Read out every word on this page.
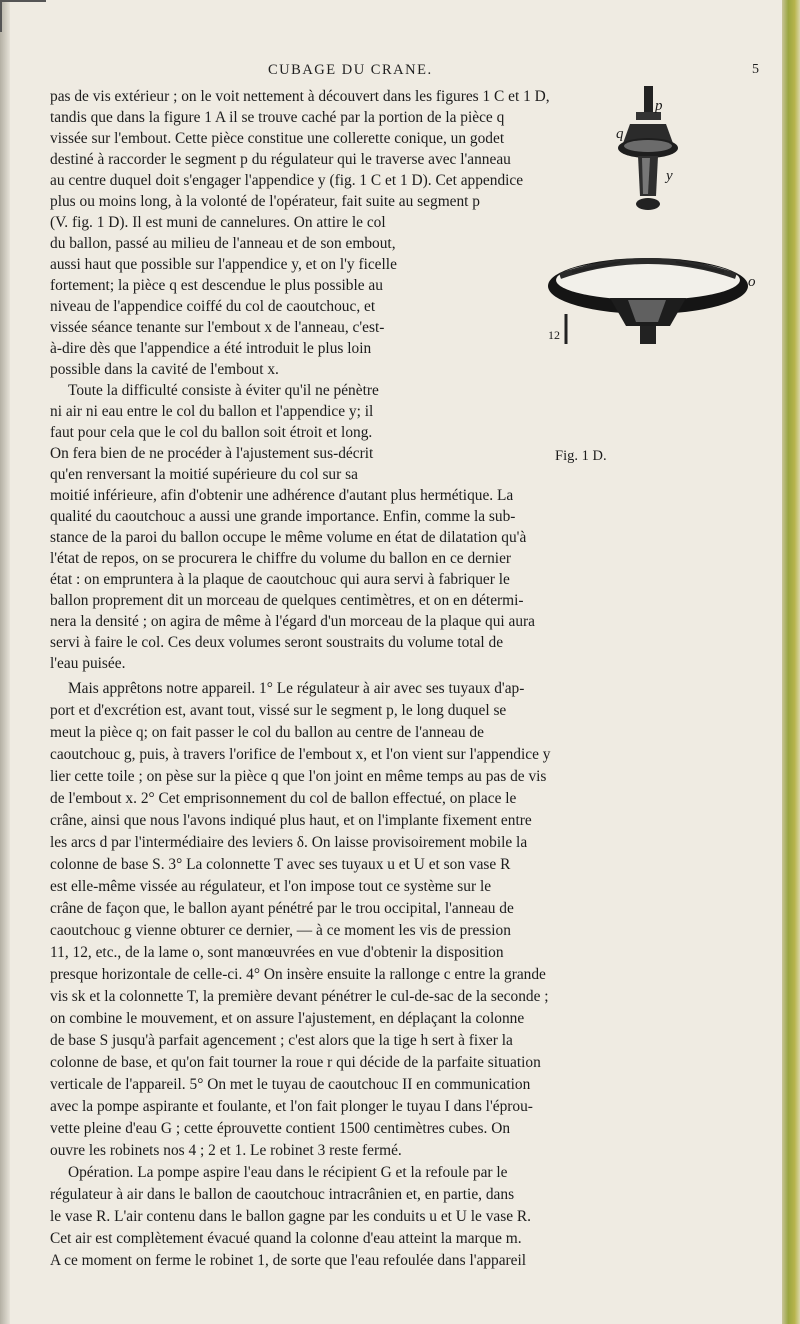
CUBAGE DU CRANE.	5
pas de vis extérieur ; on le voit nettement à découvert dans les figures 1 C et 1 D,
tandis que dans la figure 1 A il se trouve caché par la portion de la pièce q
vissée sur l'embout. Cette pièce constitue une collerette conique, un godet
destiné à raccorder le segment p du régulateur qui le traverse avec l'anneau
au centre duquel doit s'engager l'appendice y (fig. 1 C et 1 D). Cet appendice
plus ou moins long, à la volonté de l'opérateur, fait suite au segment p
(V. fig. 1 D). Il est muni de cannelures. On attire le col
du ballon, passé au milieu de l'anneau et de son embout,
aussi haut que possible sur l'appendice y, et on l'y ficelle
fortement; la pièce q est descendue le plus possible au
niveau de l'appendice coiffé du col de caoutchouc, et
vissée séance tenante sur l'embout x de l'anneau, c'est-
à-dire dès que l'appendice a été introduit le plus loin
possible dans la cavité de l'embout x.
Toute la difficulté consiste à éviter qu'il ne pénètre
ni air ni eau entre le col du ballon et l'appendice y; il
faut pour cela que le col du ballon soit étroit et long.
On fera bien de ne procéder à l'ajustement sus-décrit
qu'en renversant la moitié supérieure du col sur sa
moitié inférieure, afin d'obtenir une adhérence d'autant plus hermétique. La
qualité du caoutchouc a aussi une grande importance. Enfin, comme la sub-
stance de la paroi du ballon occupe le même volume en état de dilatation qu'à
l'état de repos, on se procurera le chiffre du volume du ballon en ce dernier
état : on empruntera à la plaque de caoutchouc qui aura servi à fabriquer le
ballon proprement dit un morceau de quelques centimètres, et on en détermi-
nera la densité ; on agira de même à l'égard d'un morceau de la plaque qui aura
servi à faire le col. Ces deux volumes seront soustraits du volume total de
l'eau puisée.
Mais apprêtons notre appareil. 1° Le régulateur à air avec ses tuyaux d'ap-
port et d'excrétion est, avant tout, vissé sur le segment p, le long duquel se
meut la pièce q; on fait passer le col du ballon au centre de l'anneau de
caoutchouc g, puis, à travers l'orifice de l'embout x, et l'on vient sur l'appendice y
lier cette toile ; on pèse sur la pièce q que l'on joint en même temps au pas de vis
de l'embout x. 2° Cet emprisonnement du col de ballon effectué, on place le
crâne, ainsi que nous l'avons indiqué plus haut, et on l'implante fixement entre
les arcs d par l'intermédiaire des leviers δ. On laisse provisoirement mobile la
colonne de base S. 3° La colonnette T avec ses tuyaux u et U et son vase R
est elle-même vissée au régulateur, et l'on impose tout ce système sur le
crâne de façon que, le ballon ayant pénétré par le trou occipital, l'anneau de
caoutchouc g vienne obturer ce dernier, — à ce moment les vis de pression
11, 12, etc., de la lame o, sont manœuvrées en vue d'obtenir la disposition
presque horizontale de celle-ci. 4° On insère ensuite la rallonge c entre la grande
vis sk et la colonnette T, la première devant pénétrer le cul-de-sac de la seconde ;
on combine le mouvement, et on assure l'ajustement, en déplaçant la colonne
de base S jusqu'à parfait agencement ; c'est alors que la tige h sert à fixer la
colonne de base, et qu'on fait tourner la roue r qui décide de la parfaite situation
verticale de l'appareil. 5° On met le tuyau de caoutchouc II en communication
avec la pompe aspirante et foulante, et l'on fait plonger le tuyau I dans l'éprou-
vette pleine d'eau G ; cette éprouvette contient 1500 centimètres cubes. On
ouvre les robinets nos 4 ; 2 et 1. Le robinet 3 reste fermé.
Opération. La pompe aspire l'eau dans le récipient G et la refoule par le
régulateur à air dans le ballon de caoutchouc intracrânien et, en partie, dans
le vase R. L'air contenu dans le ballon gagne par les conduits u et U le vase R.
Cet air est complètement évacué quand la colonne d'eau atteint la marque m.
A ce moment on ferme le robinet 1, de sorte que l'eau refoulée dans l'appareil
p
q
y
o
12
Fig. 1 D.
